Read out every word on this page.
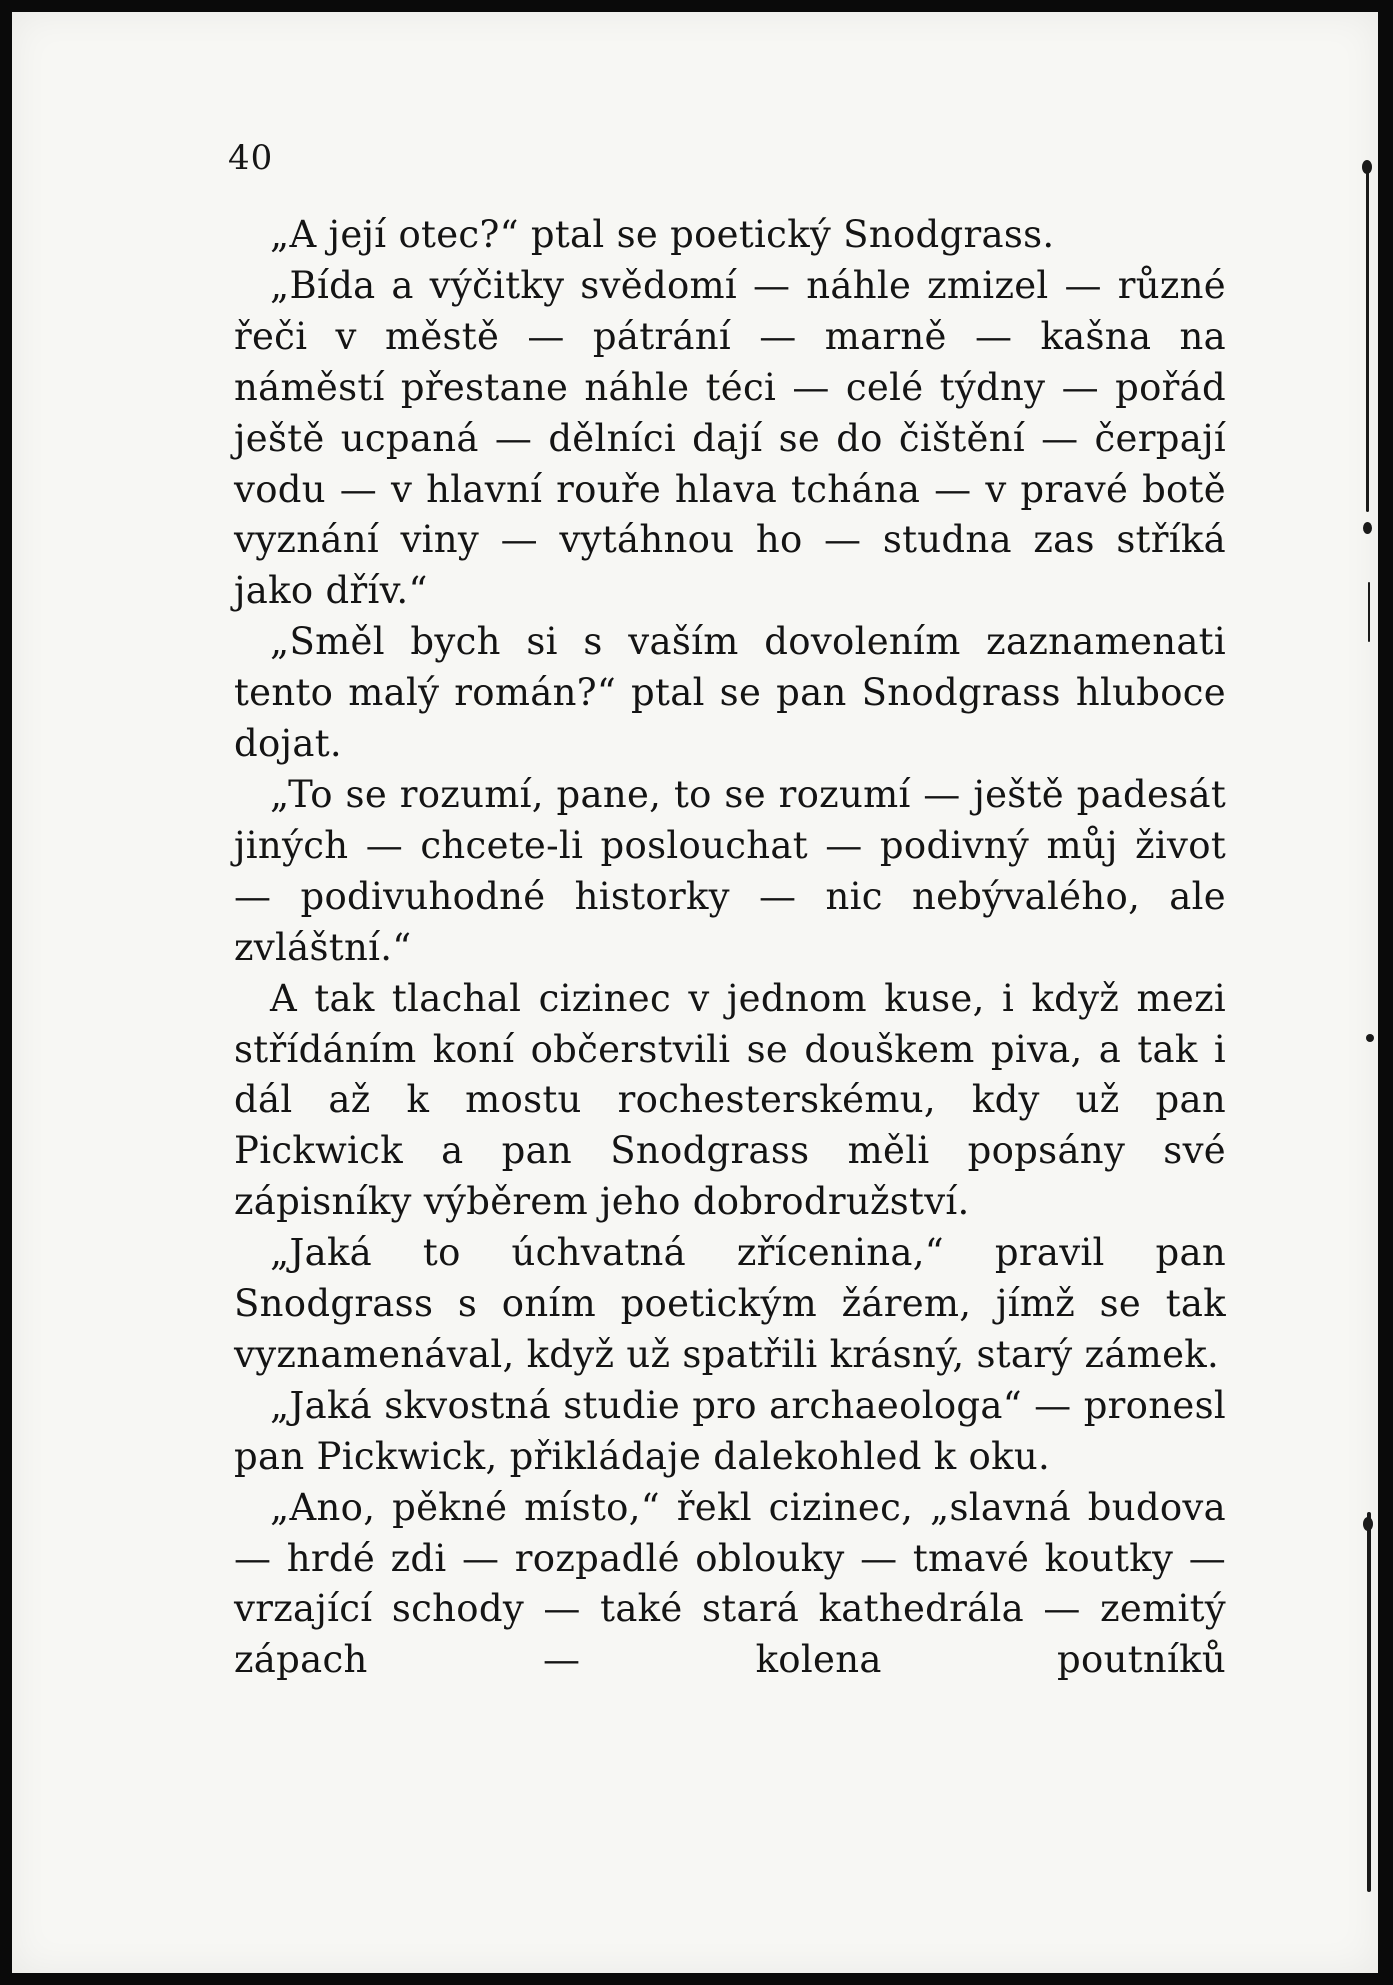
40

„A její otec?“ ptal se poetický Snodgrass.

„Bída a výčitky svědomí — náhle zmizel — různé řeči v městě — pátrání — marně — kašna na náměstí přestane náhle téci — celé týdny — pořád ještě ucpaná — dělníci dají se do čištění — čerpají vodu — v hlavní rouře hlava tchána — v pravé botě vyznání viny — vytáhnou ho — studna zas stříká jako dřív.“

„Směl bych si s vaším dovolením zaznamenati tento malý román?“ ptal se pan Snodgrass hluboce dojat.

„To se rozumí, pane, to se rozumí — ještě padesát jiných — chcete-li poslouchat — podivný můj život — podivuhodné historky — nic nebývalého, ale zvláštní.“

A tak tlachal cizinec v jednom kuse, i když mezi střídáním koní občerstvili se douškem piva, a tak i dál až k mostu rochesterskému, kdy už pan Pickwick a pan Snodgrass měli popsány své zápisníky výběrem jeho dobrodružství.

„Jaká to úchvatná zřícenina,“ pravil pan Snodgrass s oním poetickým žárem, jímž se tak vyznamenával, když už spatřili krásný, starý zámek.

„Jaká skvostná studie pro archaeologa“ — pronesl pan Pickwick, přikládaje dalekohled k oku.

„Ano, pěkné místo,“ řekl cizinec, „slavná budova — hrdé zdi — rozpadlé oblouky — tmavé koutky — vrzající schody — také stará kathedrála — zemitý zápach — kolena poutníků
